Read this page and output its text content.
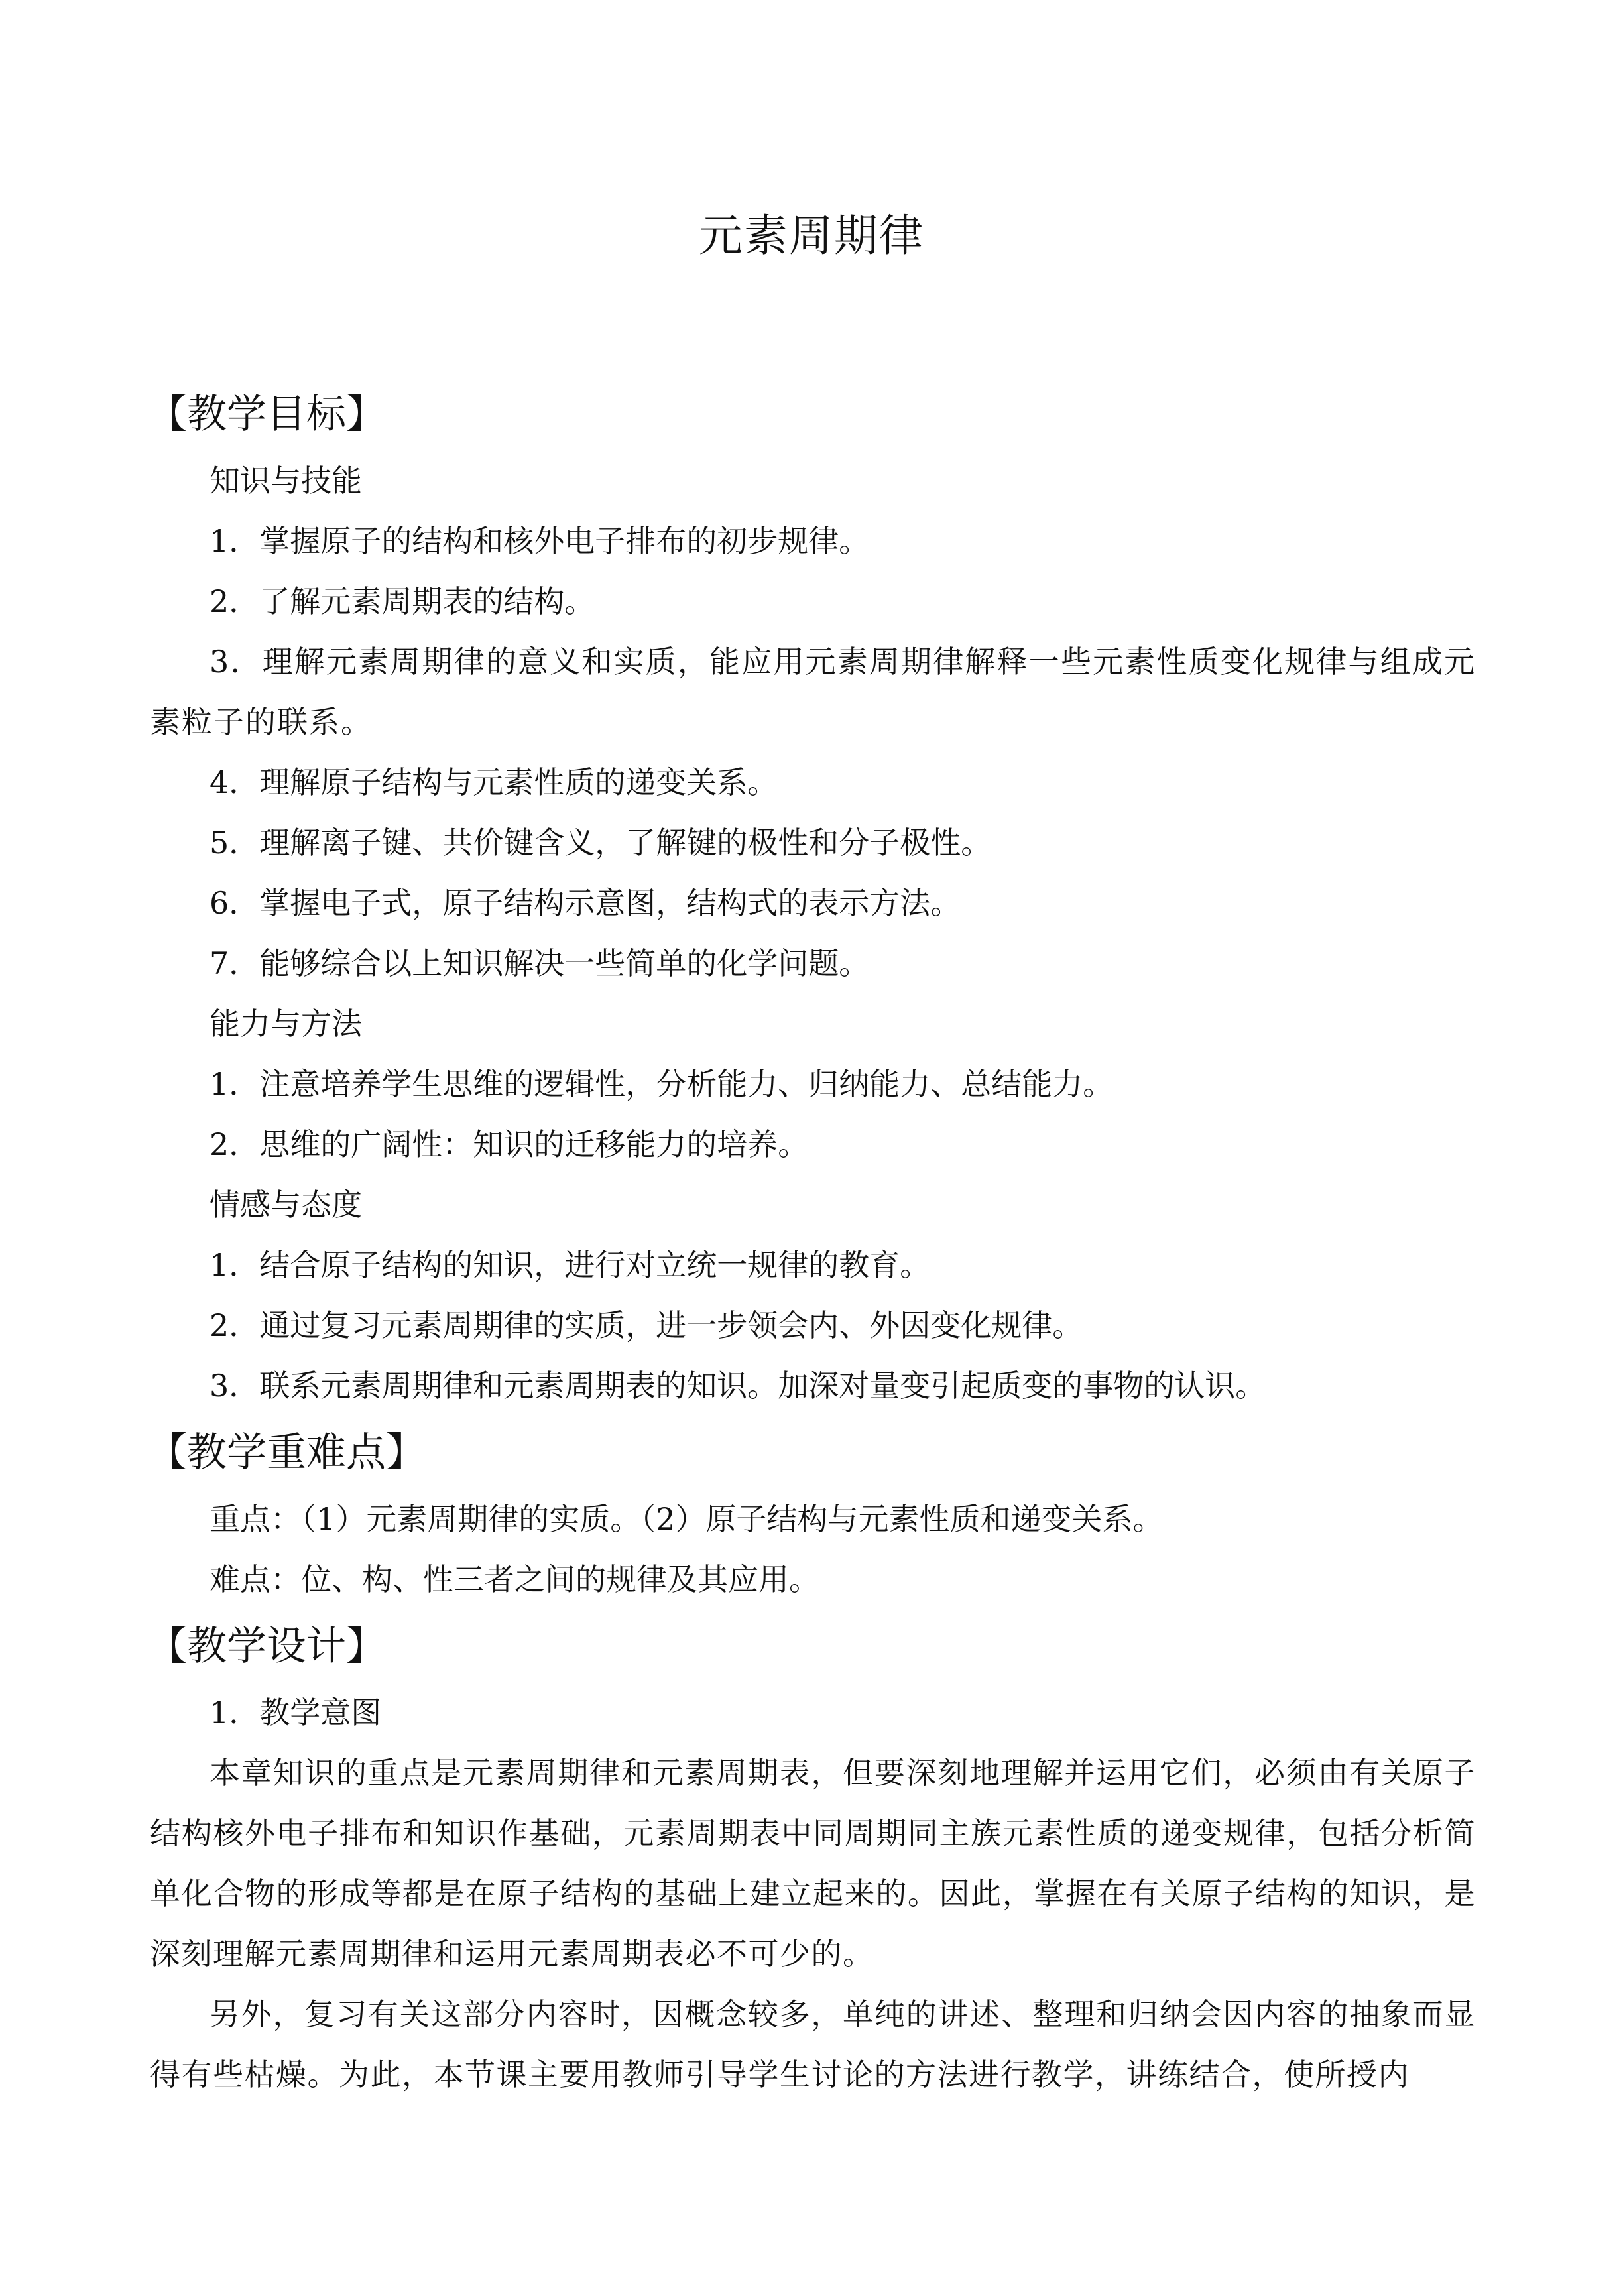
元素周期律
【教学目标】
知识与技能
1．掌握原子的结构和核外电子排布的初步规律。
2．了解元素周期表的结构。
3．理解元素周期律的意义和实质，能应用元素周期律解释一些元素性质变化规律与组成元素粒子的联系。
4．理解原子结构与元素性质的递变关系。
5．理解离子键、共价键含义，了解键的极性和分子极性。
6．掌握电子式，原子结构示意图，结构式的表示方法。
7．能够综合以上知识解决一些简单的化学问题。
能力与方法
1．注意培养学生思维的逻辑性，分析能力、归纳能力、总结能力。
2．思维的广阔性：知识的迁移能力的培养。
情感与态度
1．结合原子结构的知识，进行对立统一规律的教育。
2．通过复习元素周期律的实质，进一步领会内、外因变化规律。
3．联系元素周期律和元素周期表的知识。加深对量变引起质变的事物的认识。
【教学重难点】
重点：（1）元素周期律的实质。（2）原子结构与元素性质和递变关系。
难点：位、构、性三者之间的规律及其应用。
【教学设计】
1．教学意图
本章知识的重点是元素周期律和元素周期表，但要深刻地理解并运用它们，必须由有关原子结构核外电子排布和知识作基础，元素周期表中同周期同主族元素性质的递变规律，包括分析简单化合物的形成等都是在原子结构的基础上建立起来的。因此，掌握在有关原子结构的知识，是深刻理解元素周期律和运用元素周期表必不可少的。
另外，复习有关这部分内容时，因概念较多，单纯的讲述、整理和归纳会因内容的抽象而显得有些枯燥。为此，本节课主要用教师引导学生讨论的方法进行教学，讲练结合，使所授内
